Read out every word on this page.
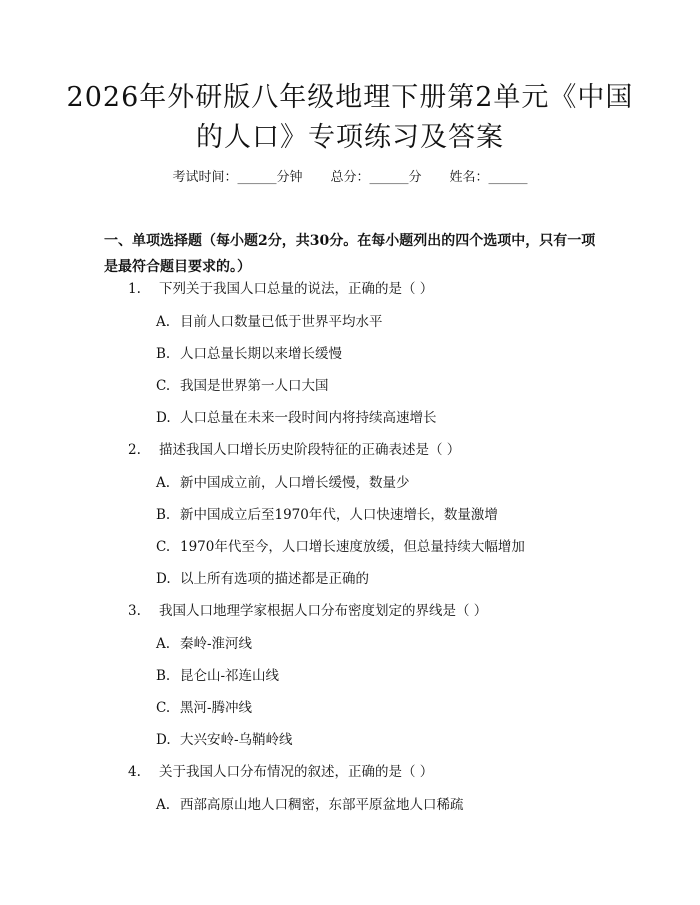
2026年外研版八年级地理下册第2单元《中国的人口》专项练习及答案
考试时间：______分钟 总分：______分 姓名：______
一、单项选择题（每小题2分，共30分。在每小题列出的四个选项中，只有一项是最符合题目要求的。）
1. 下列关于我国人口总量的说法，正确的是（ ）
A. 目前人口数量已低于世界平均水平
B. 人口总量长期以来增长缓慢
C. 我国是世界第一人口大国
D. 人口总量在未来一段时间内将持续高速增长
2. 描述我国人口增长历史阶段特征的正确表述是（ ）
A. 新中国成立前，人口增长缓慢，数量少
B. 新中国成立后至1970年代，人口快速增长，数量激增
C. 1970年代至今，人口增长速度放缓，但总量持续大幅增加
D. 以上所有选项的描述都是正确的
3. 我国人口地理学家根据人口分布密度划定的界线是（ ）
A. 秦岭-淮河线
B. 昆仑山-祁连山线
C. 黑河-腾冲线
D. 大兴安岭-乌鞘岭线
4. 关于我国人口分布情况的叙述，正确的是（ ）
A. 西部高原山地人口稠密，东部平原盆地人口稀疏
